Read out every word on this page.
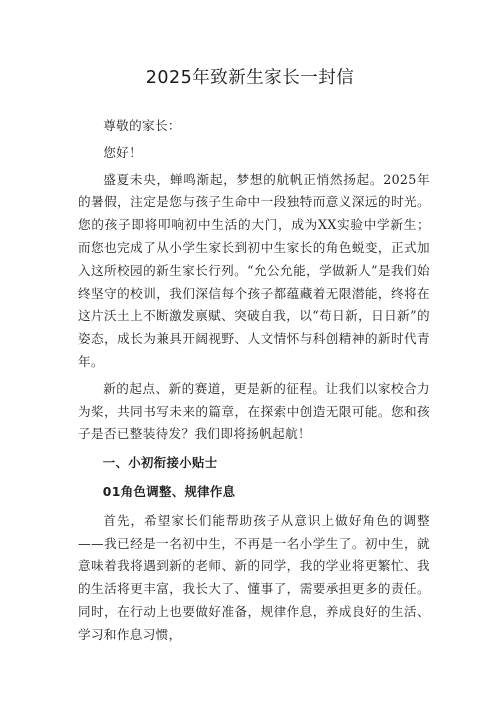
2025年致新生家长一封信

尊敬的家长：

您好！

盛夏未央，蝉鸣渐起，梦想的航帆正悄然扬起。2025年的暑假，注定是您与孩子生命中一段独特而意义深远的时光。您的孩子即将叩响初中生活的大门，成为XX实验中学新生；而您也完成了从小学生家长到初中生家长的角色蜕变，正式加入这所校园的新生家长行列。“允公允能，学做新人”是我们始终坚守的校训，我们深信每个孩子都蕴藏着无限潜能，终将在这片沃土上不断激发禀赋、突破自我，以“苟日新，日日新”的姿态，成长为兼具开阔视野、人文情怀与科创精神的新时代青年。

新的起点、新的赛道，更是新的征程。让我们以家校合力为桨，共同书写未来的篇章，在探索中创造无限可能。您和孩子是否已整装待发？我们即将扬帆起航！

一、小初衔接小贴士

01角色调整、规律作息

首先，希望家长们能帮助孩子从意识上做好角色的调整——我已经是一名初中生，不再是一名小学生了。初中生，就意味着我将遇到新的老师、新的同学，我的学业将更繁忙、我的生活将更丰富，我长大了、懂事了，需要承担更多的责任。同时，在行动上也要做好准备，规律作息，养成良好的生活、学习和作息习惯，
